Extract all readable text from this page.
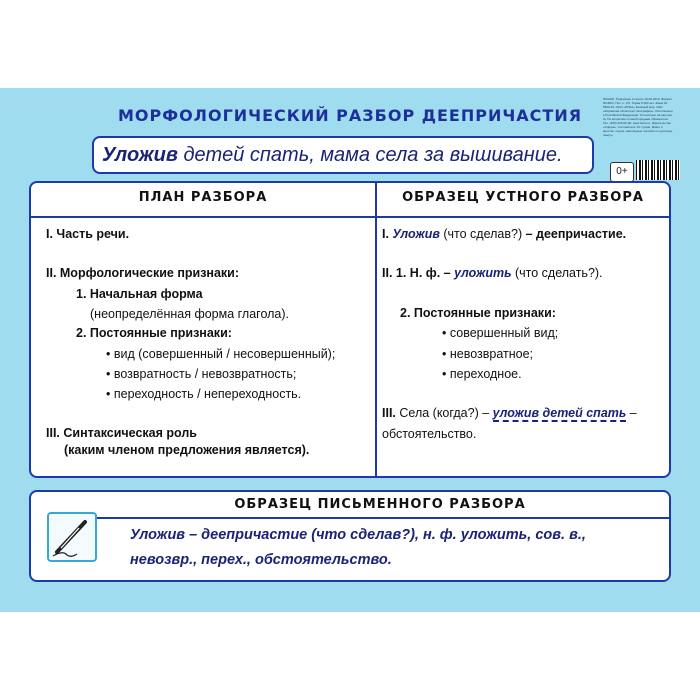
МОРФОЛОГИЧЕСКИЙ РАЗБОР ДЕЕПРИЧАСТИЯ
Уложив детей спать, мама села за вышивание.
ПЛАКАТ. Подписано в печать 10.06.2019. Формат 60х84/2. Печ. л. 0,5. Тираж 5 000 экз. Заказ № 5590-19. ООО «ИПКА» Книжный мир. ОАО «Кировская областная типография». Изготовлено в Российской Федерации. Отпечатано на картоне. 0+ По вопросам оптовой продажи обращаться. Тел. (495) 000-00-00. www.sfera.ru. Издательство «Сфера». Составитель: М. Гущин. Макет и верстка. Серия «Наглядные пособия по русскому языку».
0+
ПЛАН РАЗБОРА	ОБРАЗЕЦ УСТНОГО РАЗБОРА
I. Часть речи.
II. Морфологические признаки:
1. Начальная форма
(неопределённая форма глагола).
2. Постоянные признаки:
• вид (совершенный / несовершенный);
• возвратность / невозвратность;
• переходность / непереходность.
III. Синтаксическая роль
(каким членом предложения является).
I. Уложив (что сделав?) – деепричастие.
II. 1. Н. ф. – уложить (что сделать?).
2. Постоянные признаки:
• совершенный вид;
• невозвратное;
• переходное.
III. Села (когда?) – уложив детей спать –
обстоятельство.
ОБРАЗЕЦ ПИСЬМЕННОГО РАЗБОРА
Уложив – деепричастие (что сделав?), н. ф. уложить, сов. в.,
невозвр., перех., обстоятельство.
